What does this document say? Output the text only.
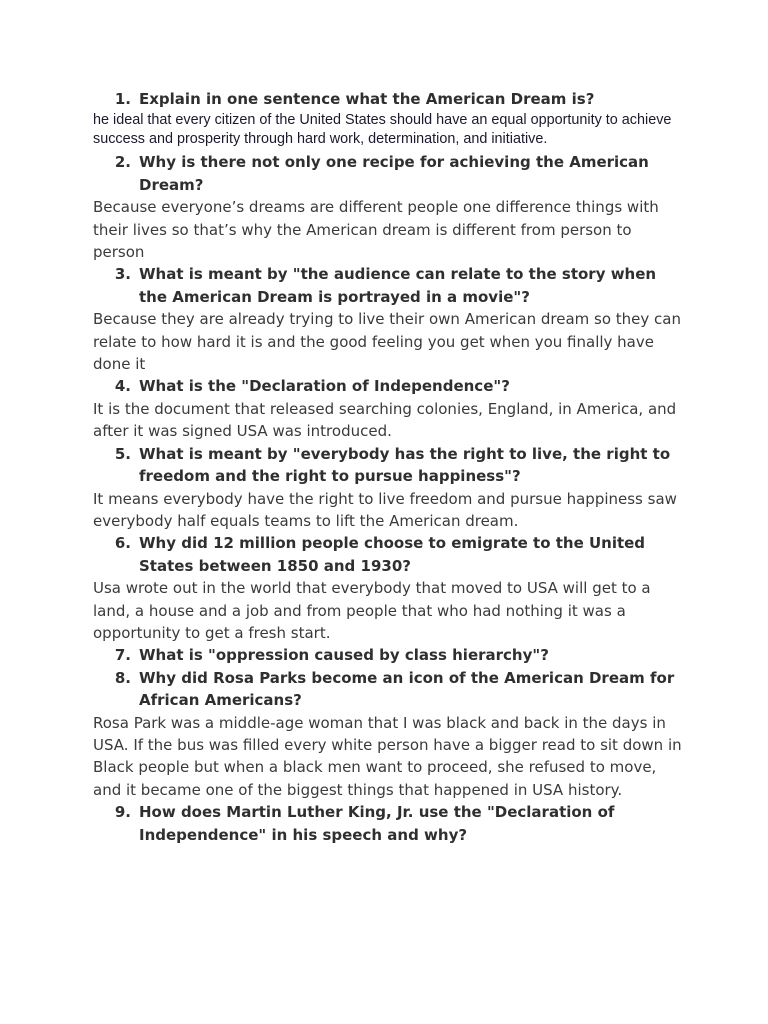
1. Explain in one sentence what the American Dream is?
he ideal that every citizen of the United States should have an equal opportunity to achieve success and prosperity through hard work, determination, and initiative.
2. Why is there not only one recipe for achieving the American Dream?
Because everyone’s dreams are different people one difference things with their lives so that’s why the American dream is different from person to person
3. What is meant by "the audience can relate to the story when the American Dream is portrayed in a movie"?
Because they are already trying to live their own American dream so they can relate to how hard it is and the good feeling you get when you finally have done it
4. What is the "Declaration of Independence"?
It is the document that released searching colonies, England, in America, and after it was signed USA was introduced.
5. What is meant by "everybody has the right to live, the right to freedom and the right to pursue happiness"?
It means everybody have the right to live freedom and pursue happiness saw everybody half equals teams to lift the American dream.
6. Why did 12 million people choose to emigrate to the United States between 1850 and 1930?
Usa wrote out in the world that everybody that moved to USA will get to a land, a house and a job and from people that who had nothing it was a opportunity to get a fresh start.
7. What is "oppression caused by class hierarchy"?
8. Why did Rosa Parks become an icon of the American Dream for African Americans?
Rosa Park was a middle-age woman that I was black and back in the days in USA. If the bus was filled every white person have a bigger read to sit down in Black people but when a black men want to proceed, she refused to move, and it became one of the biggest things that happened in USA history.
9. How does Martin Luther King, Jr. use the "Declaration of Independence" in his speech and why?
